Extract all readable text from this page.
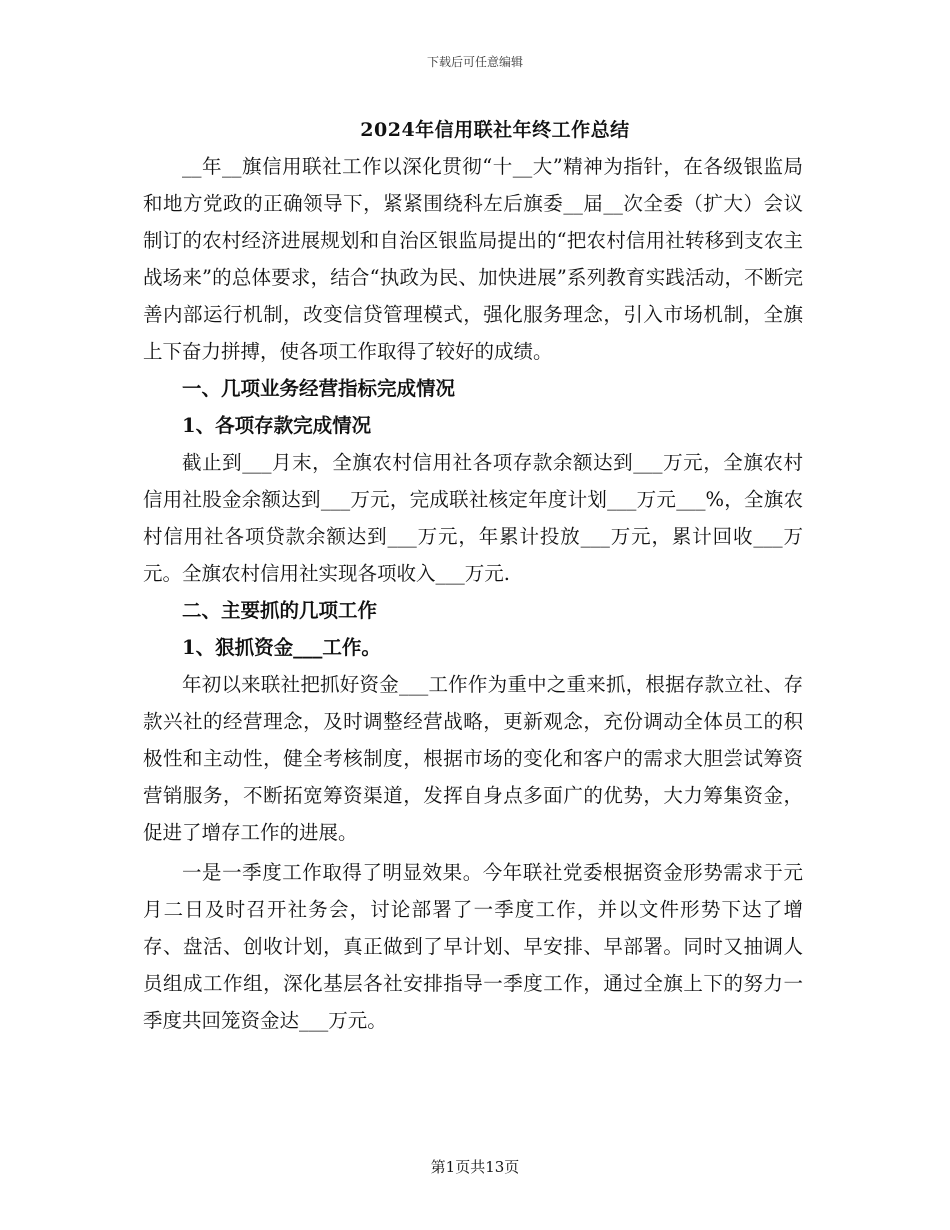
下载后可任意编辑
2024年信用联社年终工作总结

__年__旗信用联社工作以深化贯彻“十__大”精神为指针，在各级银监局和地方党政的正确领导下，紧紧围绕科左后旗委__届__次全委（扩大）会议制订的农村经济进展规划和自治区银监局提出的“把农村信用社转移到支农主战场来”的总体要求，结合“执政为民、加快进展”系列教育实践活动，不断完善内部运行机制，改变信贷管理模式，强化服务理念，引入市场机制，全旗上下奋力拼搏，使各项工作取得了较好的成绩。

一、几项业务经营指标完成情况

1、各项存款完成情况

截止到___月末，全旗农村信用社各项存款余额达到___万元，全旗农村信用社股金余额达到___万元，完成联社核定年度计划___万元___%，全旗农村信用社各项贷款余额达到___万元，年累计投放___万元，累计回收___万元。全旗农村信用社实现各项收入___万元.

二、主要抓的几项工作

1、狠抓资金___工作。

年初以来联社把抓好资金___工作作为重中之重来抓，根据存款立社、存款兴社的经营理念，及时调整经营战略，更新观念，充份调动全体员工的积极性和主动性，健全考核制度，根据市场的变化和客户的需求大胆尝试筹资营销服务，不断拓宽筹资渠道，发挥自身点多面广的优势，大力筹集资金，促进了增存工作的进展。

一是一季度工作取得了明显效果。今年联社党委根据资金形势需求于元月二日及时召开社务会，讨论部署了一季度工作，并以文件形势下达了增存、盘活、创收计划，真正做到了早计划、早安排、早部署。同时又抽调人员组成工作组，深化基层各社安排指导一季度工作，通过全旗上下的努力一季度共回笼资金达___万元。

第1页共13页
